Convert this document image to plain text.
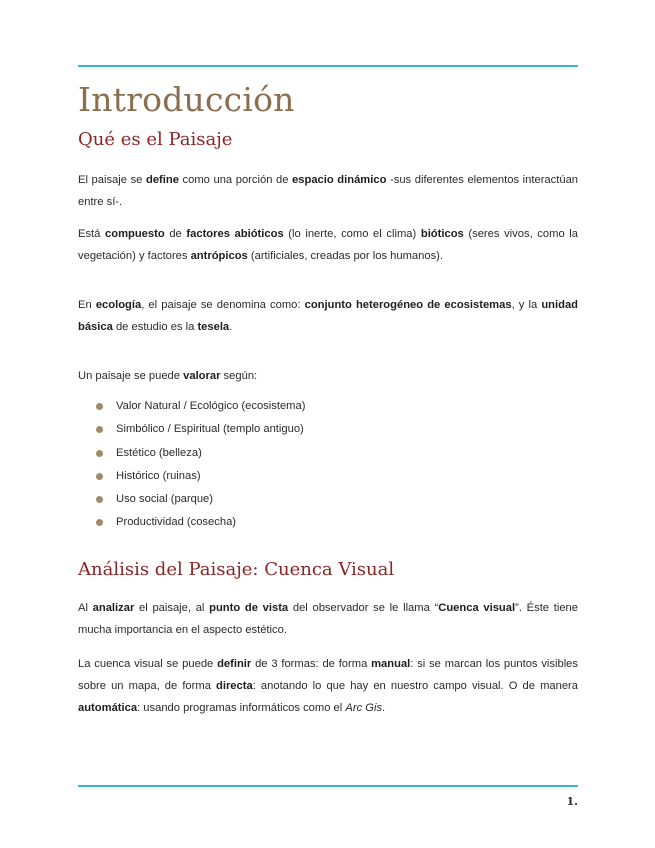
Introducción
Qué es el Paisaje

El paisaje se define como una porción de espacio dinámico -sus diferentes elementos interactúan entre sí-.

Está compuesto de factores abióticos (lo inerte, como el clima) bióticos (seres vivos, como la vegetación) y factores antrópicos (artificiales, creadas por los humanos).

En ecología, el paisaje se denomina como: conjunto heterogéneo de ecosistemas, y la unidad básica de estudio es la tesela.

Un paisaje se puede valorar según:

Valor Natural / Ecológico (ecosistema)
Simbólico / Espiritual (templo antiguo)
Estético (belleza)
Histórico (ruinas)
Uso social (parque)
Productividad (cosecha)
Análisis del Paisaje: Cuenca Visual

Al analizar el paisaje, al punto de vista del observador se le llama “Cuenca visual”. Éste tiene mucha importancia en el aspecto estético.

La cuenca visual se puede definir de 3 formas: de forma manual: si se marcan los puntos visibles sobre un mapa, de forma directa: anotando lo que hay en nuestro campo visual. O de manera automática: usando programas informáticos como el Arc Gis.

1.
